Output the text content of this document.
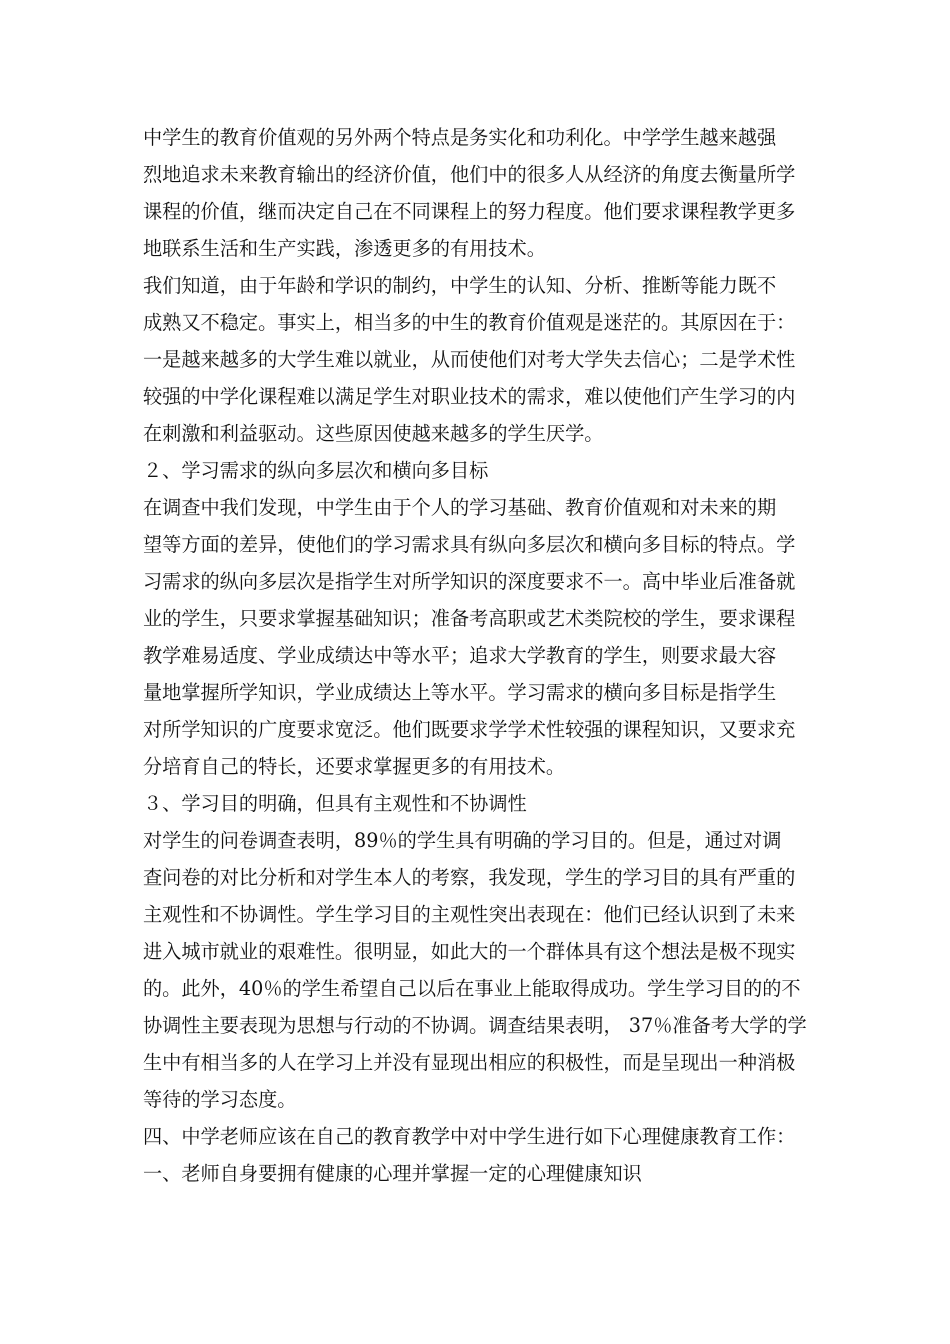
中学生的教育价值观的另外两个特点是务实化和功利化。中学学生越来越强
烈地追求未来教育输出的经济价值，他们中的很多人从经济的角度去衡量所学
课程的价值，继而决定自己在不同课程上的努力程度。他们要求课程教学更多
地联系生活和生产实践，渗透更多的有用技术。
我们知道，由于年龄和学识的制约，中学生的认知、分析、推断等能力既不
成熟又不稳定。事实上，相当多的中生的教育价值观是迷茫的。其原因在于：
一是越来越多的大学生难以就业，从而使他们对考大学失去信心；二是学术性
较强的中学化课程难以满足学生对职业技术的需求，难以使他们产生学习的内
在刺激和利益驱动。这些原因使越来越多的学生厌学。
２、学习需求的纵向多层次和横向多目标
在调查中我们发现，中学生由于个人的学习基础、教育价值观和对未来的期
望等方面的差异，使他们的学习需求具有纵向多层次和横向多目标的特点。学
习需求的纵向多层次是指学生对所学知识的深度要求不一。高中毕业后准备就
业的学生，只要求掌握基础知识；准备考高职或艺术类院校的学生，要求课程
教学难易适度、学业成绩达中等水平；追求大学教育的学生，则要求最大容
量地掌握所学知识，学业成绩达上等水平。学习需求的横向多目标是指学生
对所学知识的广度要求宽泛。他们既要求学学术性较强的课程知识，又要求充
分培育自己的特长，还要求掌握更多的有用技术。
３、学习目的明确，但具有主观性和不协调性
对学生的问卷调查表明，89％的学生具有明确的学习目的。但是，通过对调
查问卷的对比分析和对学生本人的考察，我发现，学生的学习目的具有严重的
主观性和不协调性。学生学习目的主观性突出表现在：他们已经认识到了未来
进入城市就业的艰难性。很明显，如此大的一个群体具有这个想法是极不现实
的。此外，40％的学生希望自己以后在事业上能取得成功。学生学习目的的不
协调性主要表现为思想与行动的不协调。调查结果表明， 37％准备考大学的学
生中有相当多的人在学习上并没有显现出相应的积极性，而是呈现出一种消极
等待的学习态度。
四、中学老师应该在自己的教育教学中对中学生进行如下心理健康教育工作：
一、老师自身要拥有健康的心理并掌握一定的心理健康知识
